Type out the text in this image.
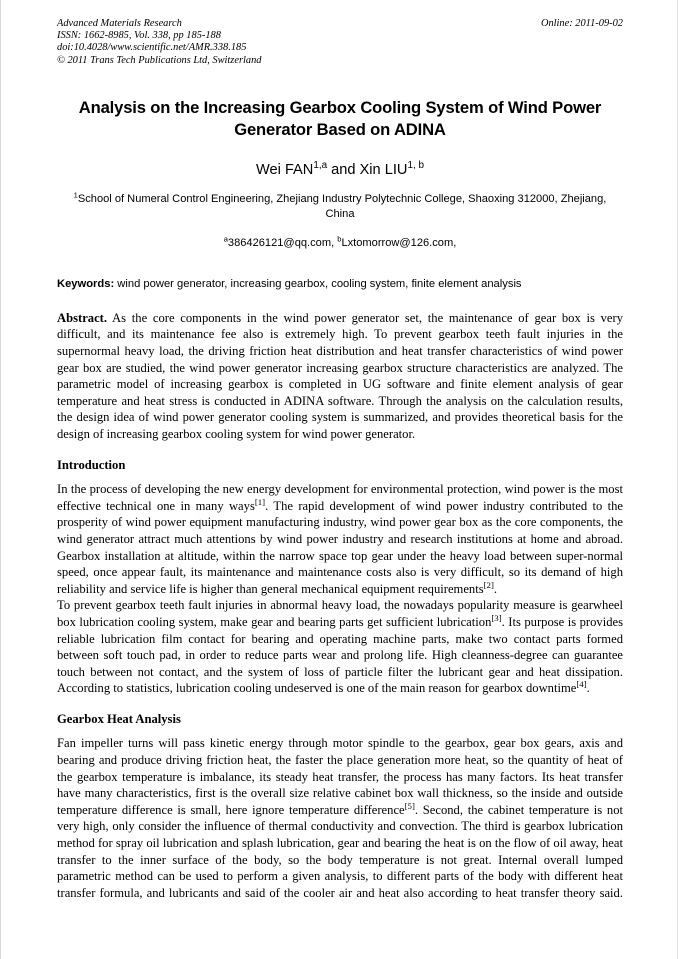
Advanced Materials Research
ISSN: 1662-8985, Vol. 338, pp 185-188
doi:10.4028/www.scientific.net/AMR.338.185
© 2011 Trans Tech Publications Ltd, Switzerland
Online: 2011-09-02
Analysis on the Increasing Gearbox Cooling System of Wind Power Generator Based on ADINA
Wei FAN$^{1,a}$ and Xin LIU$^{1, b}$
$^1$School of Numeral Control Engineering, Zhejiang Industry Polytechnic College, Shaoxing 312000, Zhejiang, China
$^a$386426121@qq.com, $^b$Lxtomorrow@126.com,
Keywords: wind power generator, increasing gearbox, cooling system, finite element analysis
Abstract. As the core components in the wind power generator set, the maintenance of gear box is very difficult, and its maintenance fee also is extremely high. To prevent gearbox teeth fault injuries in the supernormal heavy load, the driving friction heat distribution and heat transfer characteristics of wind power gear box are studied, the wind power generator increasing gearbox structure characteristics are analyzed. The parametric model of increasing gearbox is completed in UG software and finite element analysis of gear temperature and heat stress is conducted in ADINA software. Through the analysis on the calculation results, the design idea of wind power generator cooling system is summarized, and provides theoretical basis for the design of increasing gearbox cooling system for wind power generator.
Introduction
In the process of developing the new energy development for environmental protection, wind power is the most effective technical one in many ways[1]. The rapid development of wind power industry contributed to the prosperity of wind power equipment manufacturing industry, wind power gear box as the core components, the wind generator attract much attentions by wind power industry and research institutions at home and abroad. Gearbox installation at altitude, within the narrow space top gear under the heavy load between super-normal speed, once appear fault, its maintenance and maintenance costs also is very difficult, so its demand of high reliability and service life is higher than general mechanical equipment requirements[2].
To prevent gearbox teeth fault injuries in abnormal heavy load, the nowadays popularity measure is gearwheel box lubrication cooling system, make gear and bearing parts get sufficient lubrication[3]. Its purpose is provides reliable lubrication film contact for bearing and operating machine parts, make two contact parts formed between soft touch pad, in order to reduce parts wear and prolong life. High cleanness-degree can guarantee touch between not contact, and the system of loss of particle filter the lubricant gear and heat dissipation. According to statistics, lubrication cooling undeserved is one of the main reason for gearbox downtime[4].
Gearbox Heat Analysis
Fan impeller turns will pass kinetic energy through motor spindle to the gearbox, gear box gears, axis and bearing and produce driving friction heat, the faster the place generation more heat, so the quantity of heat of the gearbox temperature is imbalance, its steady heat transfer, the process has many factors. Its heat transfer have many characteristics, first is the overall size relative cabinet box wall thickness, so the inside and outside temperature difference is small, here ignore temperature difference[5]. Second, the cabinet temperature is not very high, only consider the influence of thermal conductivity and convection. The third is gearbox lubrication method for spray oil lubrication and splash lubrication, gear and bearing the heat is on the flow of oil away, heat transfer to the inner surface of the body, so the body temperature is not great. Internal overall lumped parametric method can be used to perform a given analysis, to different parts of the body with different heat transfer formula, and lubricants and said of the cooler air and heat also according to heat transfer theory said.
